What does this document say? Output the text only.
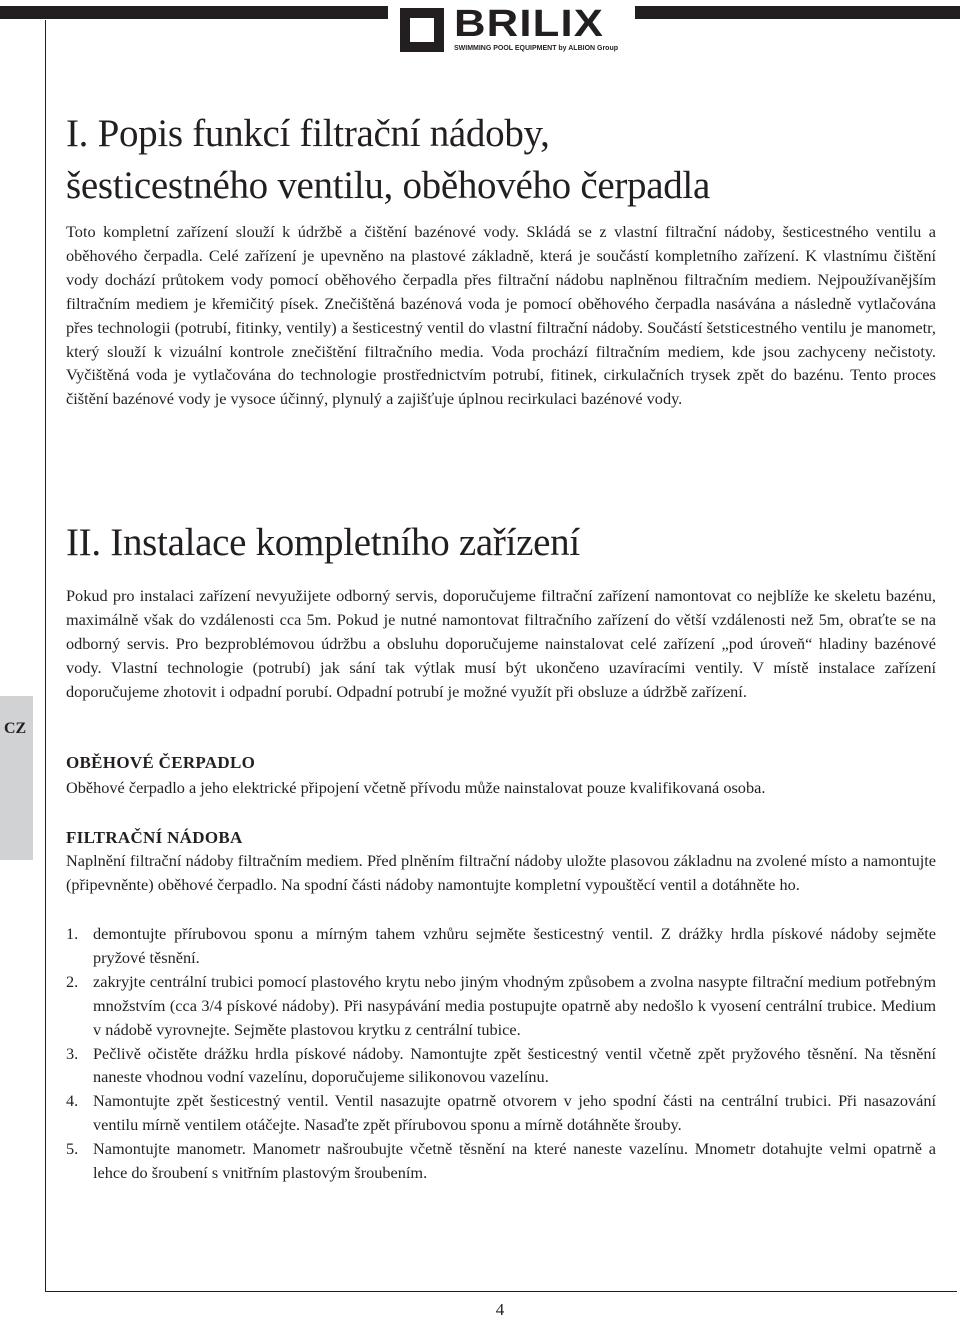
BRILIX
SWIMMING POOL EQUIPMENT by ALBION Group
CZ
I. Popis funkcí filtrační nádoby,
šesticestného ventilu, oběhového čerpadla

Toto kompletní zařízení slouží k údržbě a čištění bazénové vody. Skládá se z vlastní filtrační nádoby, šesticestného ventilu a oběhového čerpadla. Celé zařízení je upevněno na plastové základně, která je součástí kompletního zařízení. K vlastnímu čištění vody dochází průtokem vody pomocí oběhového čerpadla přes filtrační nádobu naplněnou filtračním mediem. Nejpoužívanějším filtračním mediem je křemičitý písek. Znečištěná bazénová voda je pomocí oběhového čerpadla nasávána a následně vytlačována přes technologii (potrubí, fitinky, ventily) a šesticestný ventil do vlastní filtrační nádoby. Součástí šetsticestného ventilu je manometr, který slouží k vizuální kontrole znečištění filtračního media. Voda prochází filtračním mediem, kde jsou zachyceny nečistoty. Vyčištěná voda je vytlačována do technologie prostřednictvím potrubí, fitinek, cirkulačních trysek zpět do bazénu. Tento proces čištění bazénové vody je vysoce účinný, plynulý a zajišťuje úplnou recirkulaci bazénové vody.

II. Instalace kompletního zařízení

Pokud pro instalaci zařízení nevyužijete odborný servis, doporučujeme filtrační zařízení namontovat co nejblíže ke skeletu bazénu, maximálně však do vzdálenosti cca 5m. Pokud je nutné namontovat filtračního zařízení do větší vzdálenosti než 5m, obraťte se na odborný servis. Pro bezproblémovou údržbu a obsluhu doporučujeme nainstalovat celé zařízení „pod úroveň“ hladiny bazénové vody. Vlastní technologie (potrubí) jak sání tak výtlak musí být ukončeno uzavíracími ventily. V místě instalace zařízení doporučujeme zhotovit i odpadní porubí. Odpadní potrubí je možné využít při obsluze a údržbě zařízení.

OBĚHOVÉ ČERPADLO

Oběhové čerpadlo a jeho elektrické připojení včetně přívodu může nainstalovat pouze kvalifikovaná osoba.

FILTRAČNÍ NÁDOBA

Naplnění filtrační nádoby filtračním mediem. Před plněním filtrační nádoby uložte plasovou základnu na zvolené místo a namontujte (připevněnte) oběhové čerpadlo. Na spodní části nádoby namontujte kompletní vypouštěcí ventil a dotáhněte ho.

1. demontujte přírubovou sponu a mírným tahem vzhůru sejměte šesticestný ventil. Z drážky hrdla pískové nádoby sejměte pryžové těsnění.
2. zakryjte centrální trubici pomocí plastového krytu nebo jiným vhodným způsobem a zvolna nasypte filtrační medium potřebným množstvím (cca 3/4 pískové nádoby). Při nasypávání media postupujte opatrně aby nedošlo k vyosení centrální trubice. Medium v nádobě vyrovnejte. Sejměte plastovou krytku z centrální tubice.
3. Pečlivě očistěte drážku hrdla pískové nádoby. Namontujte zpět šesticestný ventil včetně zpět pryžového těsnění. Na těsnění naneste vhodnou vodní vazelínu, doporučujeme silikonovou vazelínu.
4. Namontujte zpět šesticestný ventil. Ventil nasazujte opatrně otvorem v jeho spodní části na centrální trubici. Při nasazování ventilu mírně ventilem otáčejte. Nasaďte zpět přírubovou sponu a mírně dotáhněte šrouby.
5. Namontujte manometr. Manometr našroubujte včetně těsnění na které naneste vazelínu. Mnometr dotahujte velmi opatrně a lehce do šroubení s vnitřním plastovým šroubením.
4
